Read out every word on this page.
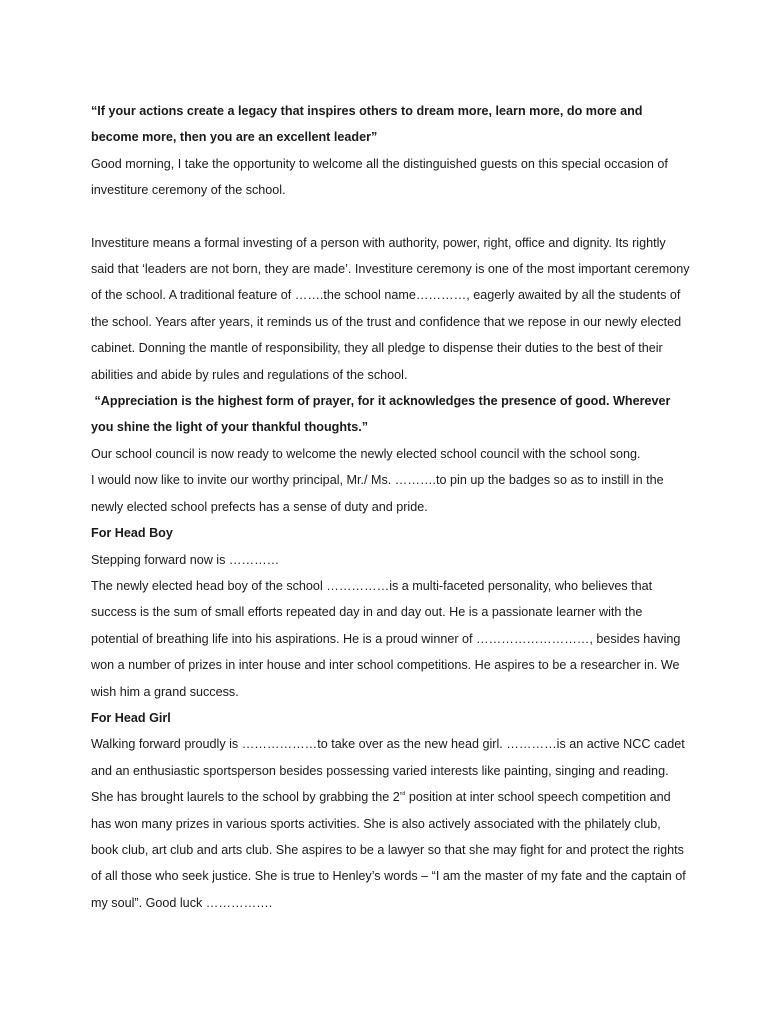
“If your actions create a legacy that inspires others to dream more, learn more, do more and become more, then you are an excellent leader”

Good morning, I take the opportunity to welcome all the distinguished guests on this special occasion of investiture ceremony of the school.

Investiture means a formal investing of a person with authority, power, right, office and dignity. Its rightly said that ‘leaders are not born, they are made’. Investiture ceremony is one of the most important ceremony of the school. A traditional feature of …….the school name…………, eagerly awaited by all the students of the school. Years after years, it reminds us of the trust and confidence that we repose in our newly elected cabinet. Donning the mantle of responsibility, they all pledge to dispense their duties to the best of their abilities and abide by rules and regulations of the school.

“Appreciation is the highest form of prayer, for it acknowledges the presence of good. Wherever you shine the light of your thankful thoughts.”

Our school council is now ready to welcome the newly elected school council with the school song.

I would now like to invite our worthy principal, Mr./ Ms. ……….to pin up the badges so as to instill in the newly elected school prefects has a sense of duty and pride.

For Head Boy

Stepping forward now is …………

The newly elected head boy of the school ……………is a multi-faceted personality, who believes that success is the sum of small efforts repeated day in and day out. He is a passionate learner with the potential of breathing life into his aspirations. He is a proud winner of ………………………, besides having won a number of prizes in inter house and inter school competitions. He aspires to be a researcher in. We wish him a grand success.

For Head Girl

Walking forward proudly is ………………to take over as the new head girl. …………is an active NCC cadet and an enthusiastic sportsperson besides possessing varied interests like painting, singing and reading. She has brought laurels to the school by grabbing the 2nd position at inter school speech competition and has won many prizes in various sports activities. She is also actively associated with the philately club, book club, art club and arts club. She aspires to be a lawyer so that she may fight for and protect the rights of all those who seek justice. She is true to Henley’s words – “I am the master of my fate and the captain of my soul”. Good luck …………….
